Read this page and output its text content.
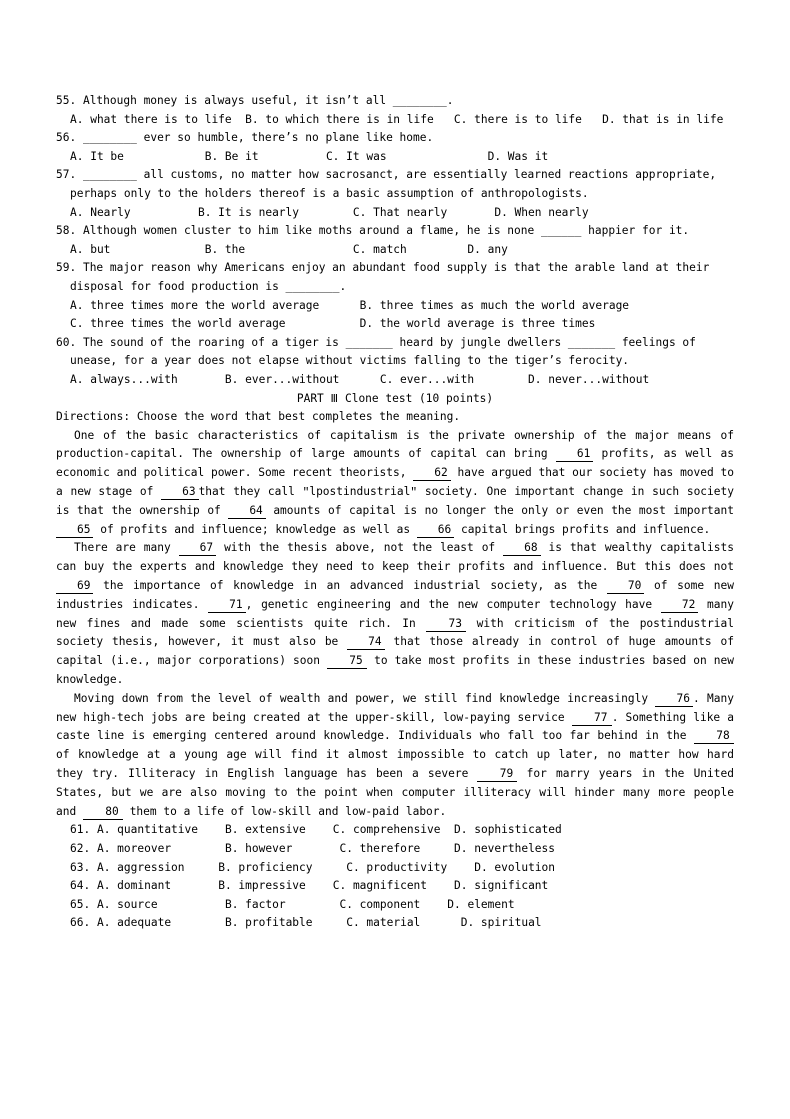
55. Although money is always useful, it isn’t all ________.

A. what there is to life  B. to which there is in life   C. there is to life   D. that is in life

56. ________ ever so humble, there’s no plane like home.

A. It be            B. Be it          C. It was               D. Was it

57. ________ all customs, no matter how sacrosanct, are essentially learned reactions appropriate,

perhaps only to the holders thereof is a basic assumption of anthropologists.

A. Nearly          B. It is nearly        C. That nearly       D. When nearly

58. Although women cluster to him like moths around a flame, he is none ______ happier for it.

A. but              B. the                C. match         D. any

59. The major reason why Americans enjoy an abundant food supply is that the arable land at their

disposal for food production is ________.

A. three times more the world average      B. three times as much the world average

C. three times the world average           D. the world average is three times

60. The sound of the roaring of a tiger is _______ heard by jungle dwellers _______ feelings of

unease, for a year does not elapse without victims falling to the tiger’s ferocity.

A. always...with       B. ever...without      C. ever...with        D. never...without

PART Ⅲ Clone test (10 points)

Directions: Choose the word that best completes the meaning.

One of the basic characteristics of capitalism is the private ownership of the major means of production-capital. The ownership of large amounts of capital can bring 61 profits, as well as economic and political power. Some recent theorists, 62 have argued that our society has moved to a new stage of 63 that they call ʺlpostindustrialʺ society. One important change in such society is that the ownership of 64 amounts of capital is no longer the only or even the most important 65 of profits and influence; knowledge as well as 66 capital brings profits and influence.

There are many 67 with the thesis above, not the least of 68 is that wealthy capitalists can buy the experts and knowledge they need to keep their profits and influence. But this does not 69 the importance of knowledge in an advanced industrial society, as the 70 of some new industries indicates. 71 , genetic engineering and the new computer technology have 72 many new fines and made some scientists quite rich. In 73 with criticism of the postindustrial society thesis, however, it must also be 74 that those already in control of huge amounts of capital (i.e., major corporations) soon 75 to take most profits in these industries based on new knowledge.

Moving down from the level of wealth and power, we still find knowledge increasingly 76 . Many new high-tech jobs are being created at the upper-skill, low-paying service 77 . Something like a caste line is emerging centered around knowledge. Individuals who fall too far behind in the 78 of knowledge at a young age will find it almost impossible to catch up later, no matter how hard they try. Illiteracy in English language has been a severe 79 for marry years in the United States, but we are also moving to the point when computer illiteracy will hinder many more people and 80 them to a life of low-skill and low-paid labor.

61. A. quantitative B. extensive C. comprehensive D. sophisticated

62. A. moreover	B. however	C. therefore	D. nevertheless

63. A. aggression	B. proficiency	C. productivity D. evolution

64. A. dominant	B. impressive C. magnificent D. significant

65. A. source	B. factor	C. component D. element

66. A. adequate	B. profitable	C. material	D. spiritual
